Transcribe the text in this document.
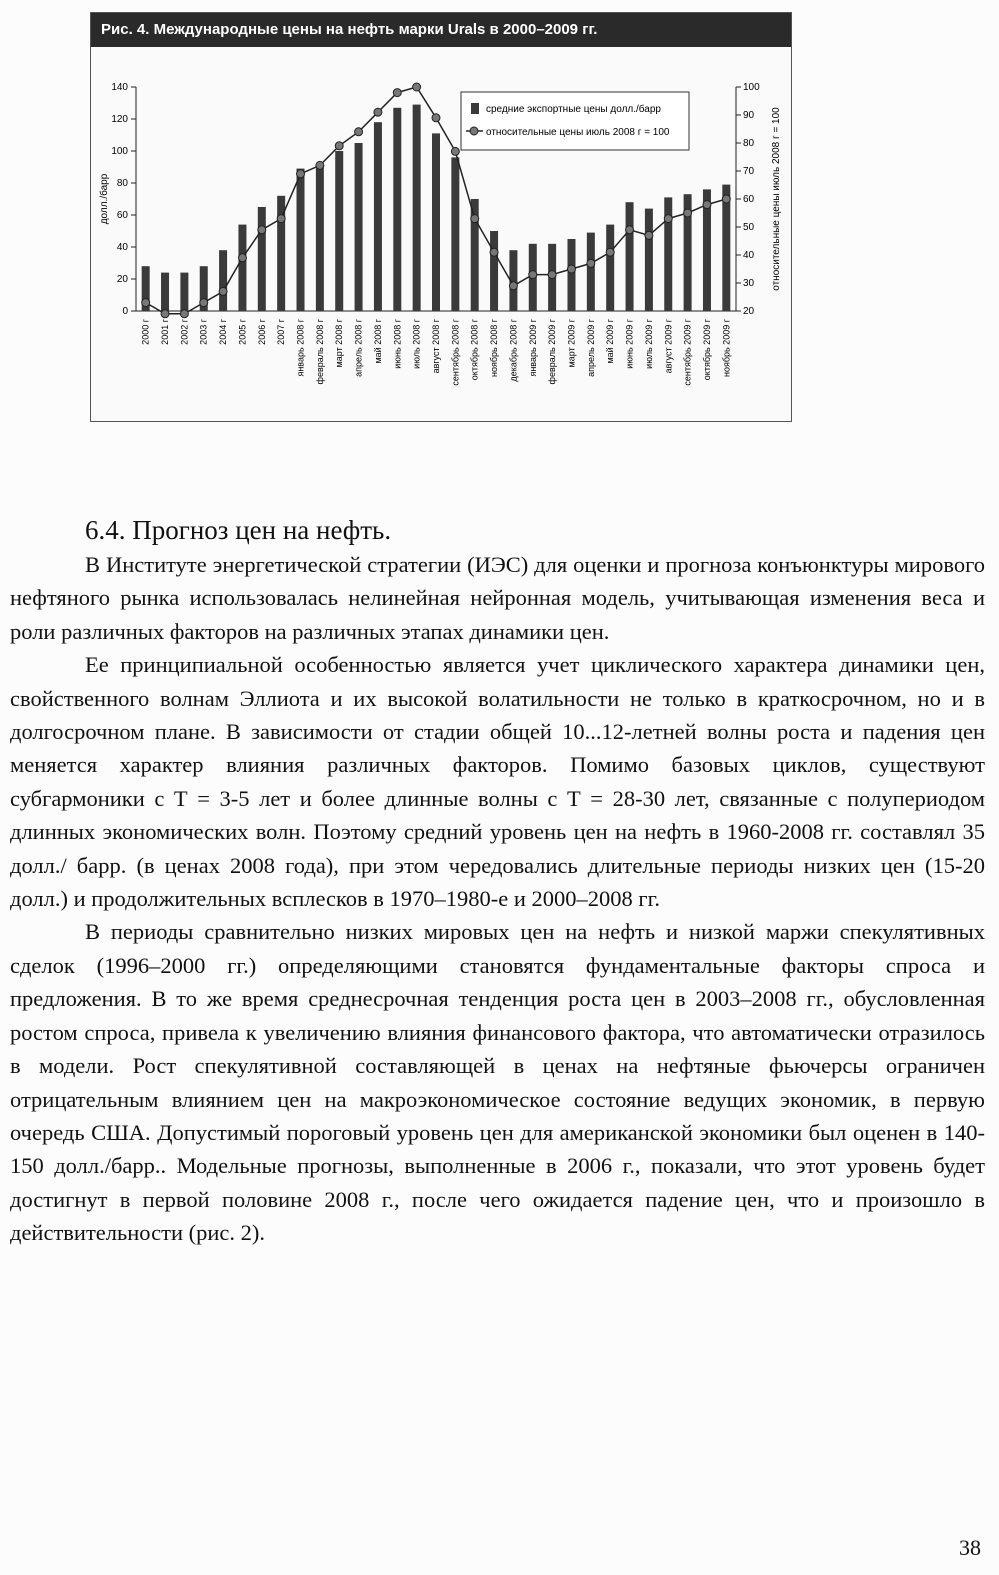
Рис. 4. Международные цены на нефть марки Urals в 2000–2009 гг.
0
20
40
60
80
100
120
140
20
30
40
50
60
70
80
90
100
долл./барр	относительные цены июль 2008 г = 100
2000 г 2001 г 2002 г 2003 г 2004 г 2005 г 2006 г 2007 г январь 2008 г февраль 2008 г март 2008 г апрель 2008 г май 2008 г июнь 2008 г июль 2008 г август 2008 г сентябрь 2008 г октябрь 2008 г ноябрь 2008 г декабрь 2008 г январь 2009 г февраль 2009 г март 2009 г апрель 2009 г май 2009 г июнь 2009 г июль 2009 г август 2009 г сентябрь 2009 г октябрь 2009 г ноябрь 2009 г
средние экспортные цены долл./барр
относительные цены июль 2008 г = 100
6.4. Прогноз цен на нефть.

В Институте энергетической стратегии (ИЭС) для оценки и прогноза конъюнктуры мирового нефтяного рынка использовалась нелинейная нейронная модель, учитывающая изменения веса и роли различных факторов на различных этапах динамики цен.

Ее принципиальной особенностью является учет циклического характера динамики цен, свойственного волнам Эллиота и их высокой волатильности не только в краткосрочном, но и в долгосрочном плане. В зависимости от стадии общей 10...12-летней волны роста и падения цен меняется характер влияния различных факторов. Помимо базовых циклов, существуют субгармоники с Т = 3-5 лет и более длинные волны с Т = 28-30 лет, связанные с полупериодом длинных экономических волн. Поэтому средний уровень цен на нефть в 1960-2008 гг. составлял 35 долл./ барр. (в ценах 2008 года), при этом чередовались длительные периоды низких цен (15-20 долл.) и продолжительных всплесков в 1970–1980-е и 2000–2008 гг.

В периоды сравнительно низких мировых цен на нефть и низкой маржи спекулятивных сделок (1996–2000 гг.) определяющими становятся фундаментальные факторы спроса и предложения. В то же время среднесрочная тенденция роста цен в 2003–2008 гг., обусловленная ростом спроса, привела к увеличению влияния финансового фактора, что автоматически отразилось в модели. Рост спекулятивной составляющей в ценах на нефтяные фьючерсы ограничен отрицательным влиянием цен на макроэкономическое состояние ведущих экономик, в первую очередь США. Допустимый пороговый уровень цен для американской экономики был оценен в 140-150 долл./барр.. Модельные прогнозы, выполненные в 2006 г., показали, что этот уровень будет достигнут в первой половине 2008 г., после чего ожидается падение цен, что и произошло в действительности (рис. 2).

38
